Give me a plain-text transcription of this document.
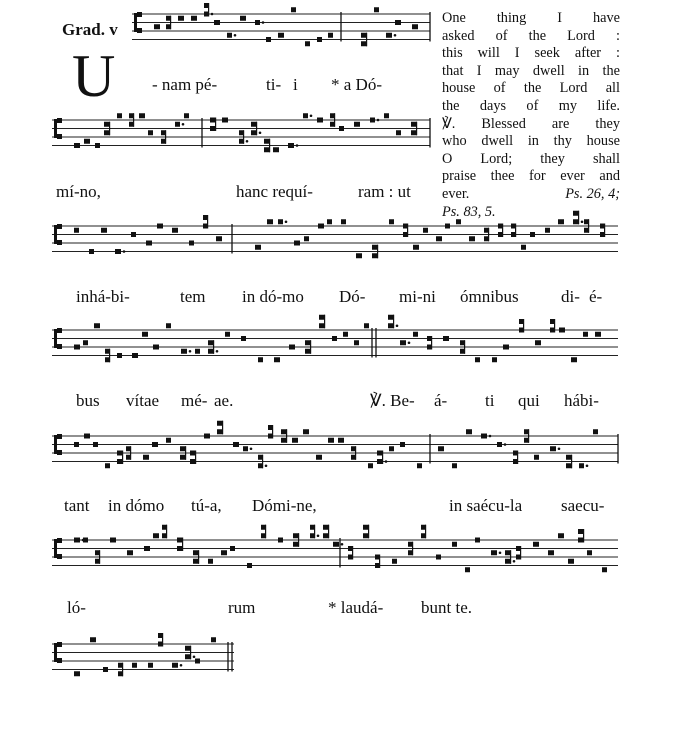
Grad. v
U
One thing I have
asked of the Lord :
this will I seek after :
that I may dwell in the
house of the Lord all
the days of my life.
℣. Blessed are they
who dwell in thy house
O Lord; they shall
praise thee for ever and
ever.	Ps. 26, 4;
Ps. 83, 5.
- nam pé-	ti- i * a Dó-
mí-no,	hanc requí-	ram : ut
inhá-bi-	tem in dó-mo Dó- mi-ni ómnibus di- é-
bus vítae mé- ae.	℣. Be- á- ti qui hábi-
tant in dómo tú-a, Dómi-ne,	in saécu-la saecu-
ló-	rum	* laudá- bunt te.
